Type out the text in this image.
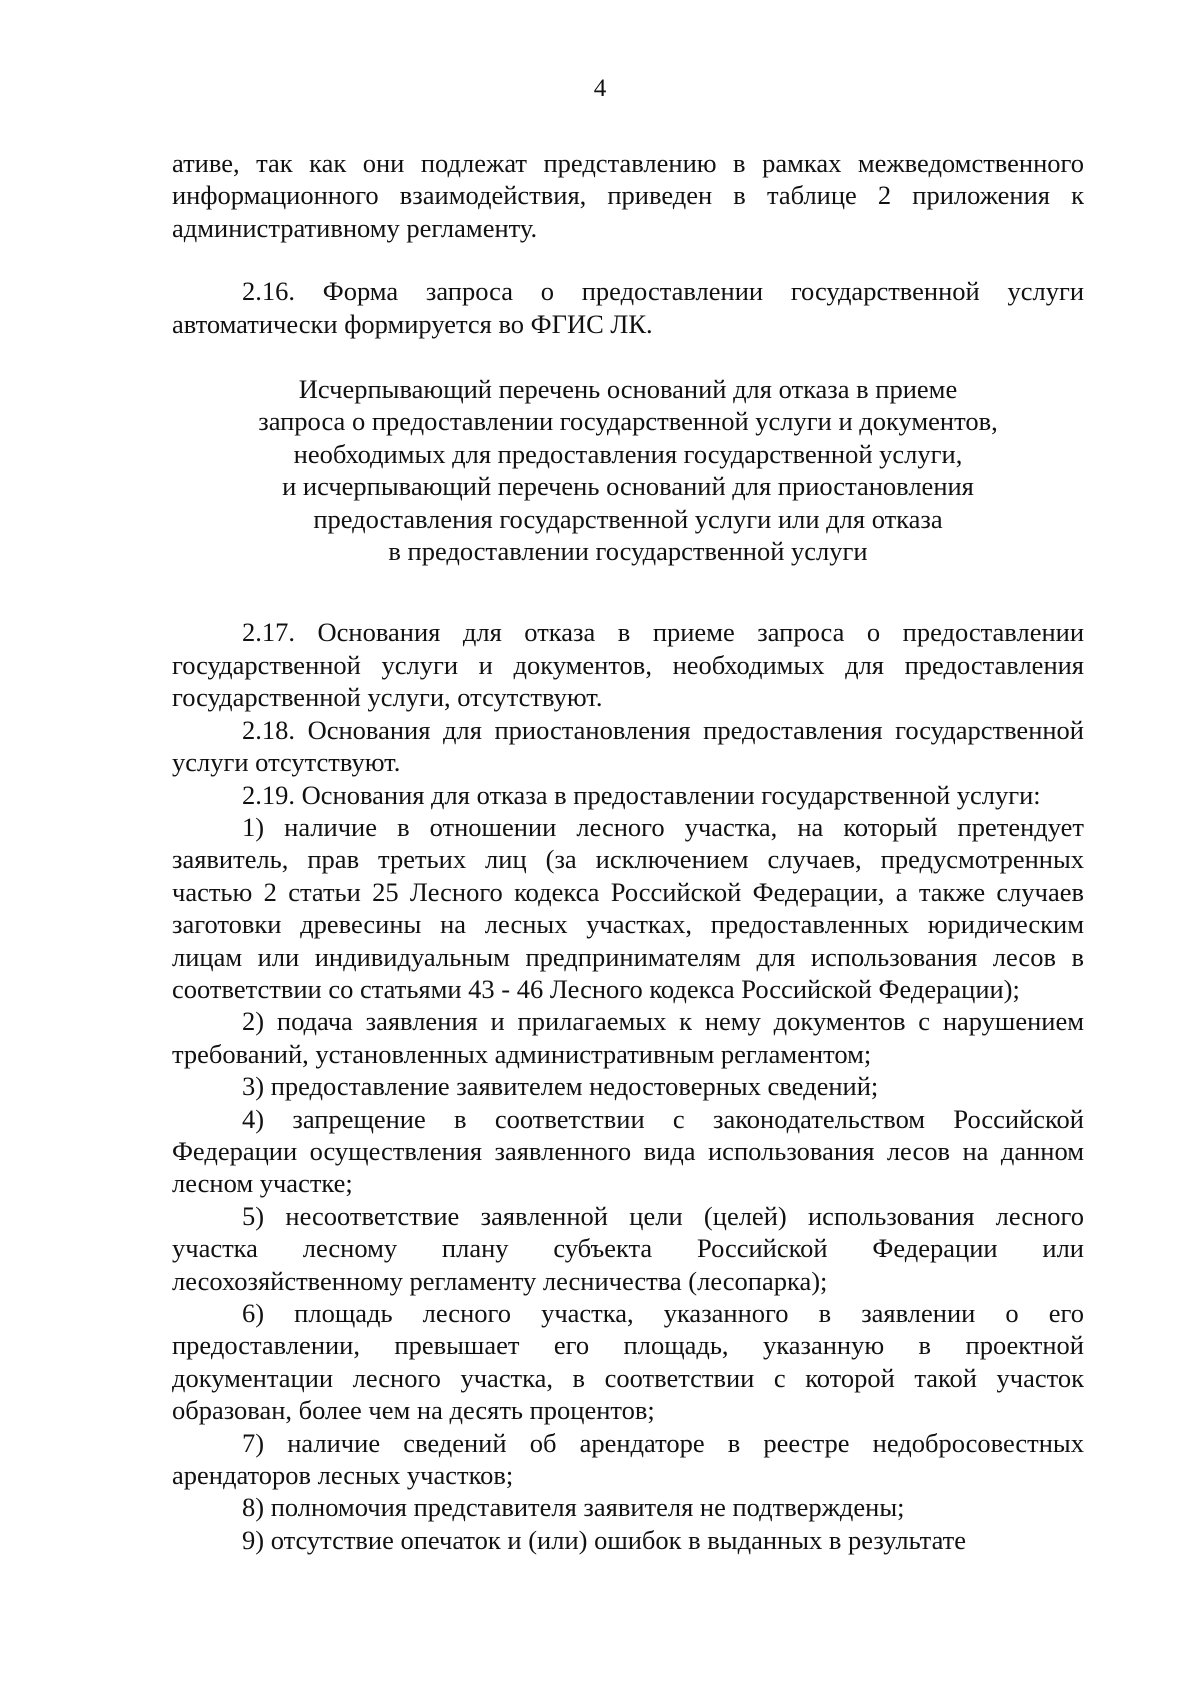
4

ативе, так как они подлежат представлению в рамках межведомственного информационного взаимодействия, приведен в таблице 2 приложения к административному регламенту.

2.16. Форма запроса о предоставлении государственной услуги автоматически формируется во ФГИС ЛК.

Исчерпывающий перечень оснований для отказа в приеме
запроса о предоставлении государственной услуги и документов,
необходимых для предоставления государственной услуги,
и исчерпывающий перечень оснований для приостановления
предоставления государственной услуги или для отказа
в предоставлении государственной услуги

2.17. Основания для отказа в приеме запроса о предоставлении государственной услуги и документов, необходимых для предоставления государственной услуги, отсутствуют.

2.18. Основания для приостановления предоставления государственной услуги отсутствуют.

2.19. Основания для отказа в предоставлении государственной услуги:

1) наличие в отношении лесного участка, на который претендует заявитель, прав третьих лиц (за исключением случаев, предусмотренных частью 2 статьи 25 Лесного кодекса Российской Федерации, а также случаев заготовки древесины на лесных участках, предоставленных юридическим лицам или индивидуальным предпринимателям для использования лесов в соответствии со статьями 43 - 46 Лесного кодекса Российской Федерации);

2) подача заявления и прилагаемых к нему документов с нарушением требований, установленных административным регламентом;

3) предоставление заявителем недостоверных сведений;

4) запрещение в соответствии с законодательством Российской Федерации осуществления заявленного вида использования лесов на данном лесном участке;

5) несоответствие заявленной цели (целей) использования лесного участка лесному плану субъекта Российской Федерации или лесохозяйственному регламенту лесничества (лесопарка);

6) площадь лесного участка, указанного в заявлении о его предоставлении, превышает его площадь, указанную в проектной документации лесного участка, в соответствии с которой такой участок образован, более чем на десять процентов;

7) наличие сведений об арендаторе в реестре недобросовестных арендаторов лесных участков;

8) полномочия представителя заявителя не подтверждены;

9) отсутствие опечаток и (или) ошибок в выданных в результате
